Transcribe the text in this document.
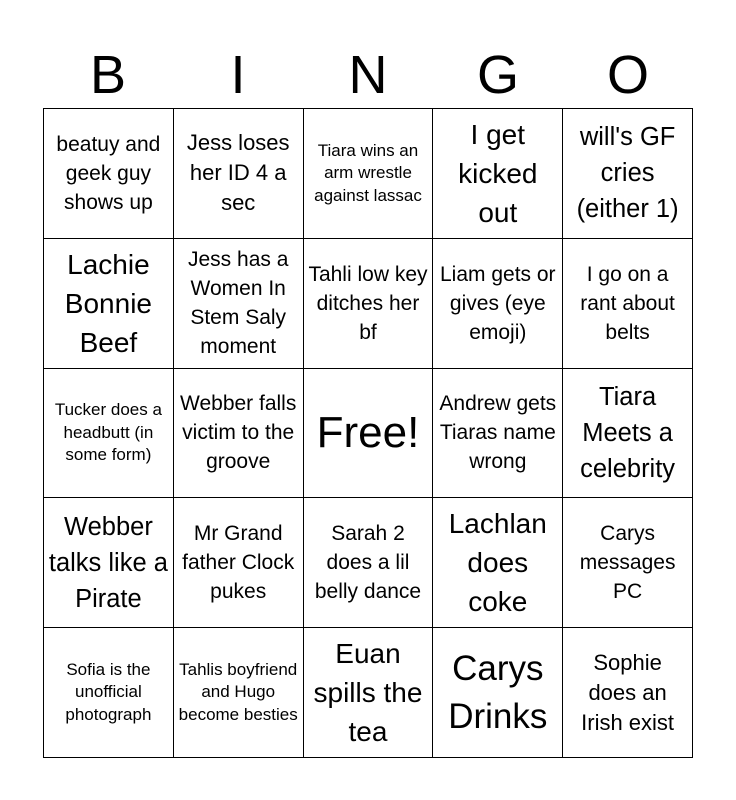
B	I	N	G	O
beatuy and geek guy shows up
Jess loses her ID 4 a sec
Tiara wins an arm wrestle against lassac
I get kicked out
will's GF cries (either 1)
Lachie Bonnie Beef
Jess has a Women In Stem Saly moment
Tahli low key ditches her bf
Liam gets or gives (eye emoji)
I go on a rant about belts
Tucker does a headbutt (in some form)
Webber falls victim to the groove
Free!
Andrew gets Tiaras name wrong
Tiara Meets a celebrity
Webber talks like a Pirate
Mr Grand father Clock pukes
Sarah 2 does a lil belly dance
Lachlan does coke
Carys messages PC
Sofia is the unofficial photograph
Tahlis boyfriend and Hugo become besties
Euan spills the tea
Carys Drinks
Sophie does an Irish exist
